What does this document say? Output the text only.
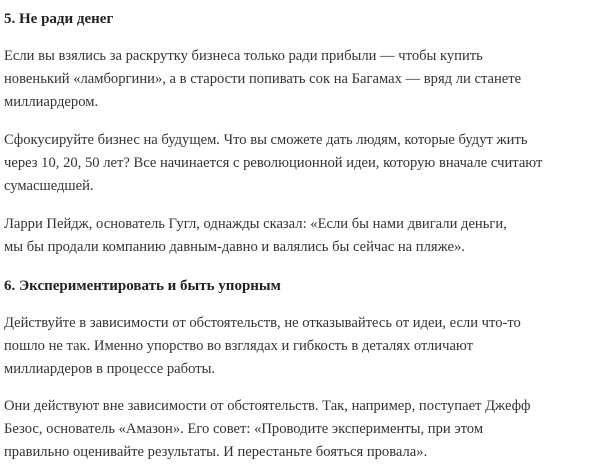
5. Не ради денег

Если вы взялись за раскрутку бизнеса только ради прибыли — чтобы купить
новенький «ламборгини», а в старости попивать сок на Багамах — вряд ли станете
миллиардером.

Сфокусируйте бизнес на будущем. Что вы сможете дать людям, которые будут жить
через 10, 20, 50 лет? Все начинается с революционной идеи, которую вначале считают
сумасшедшей.

Ларри Пейдж, основатель Гугл, однажды сказал: «Если бы нами двигали деньги,
мы бы продали компанию давным-давно и валялись бы сейчас на пляже».

6. Экспериментировать и быть упорным

Действуйте в зависимости от обстоятельств, не отказывайтесь от идеи, если что-то
пошло не так. Именно упорство во взглядах и гибкость в деталях отличают
миллиардеров в процессе работы.

Они действуют вне зависимости от обстоятельств. Так, например, поступает Джефф
Безос, основатель «Амазон». Его совет: «Проводите эксперименты, при этом
правильно оценивайте результаты. И перестаньте бояться провала».
